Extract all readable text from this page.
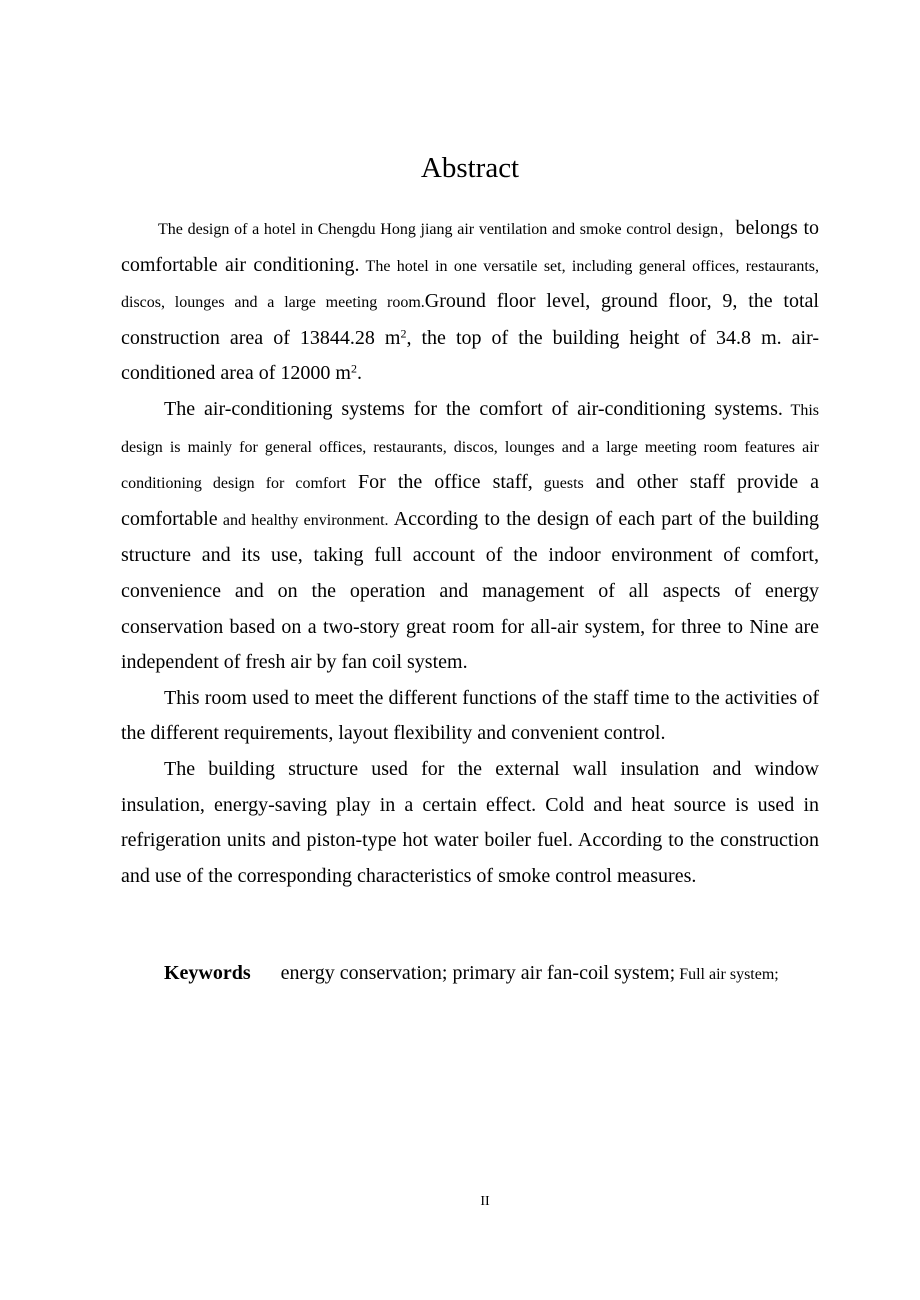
Abstract

The design of a hotel in Chengdu Hong jiang air ventilation and smoke control design，belongs to comfortable air conditioning. The hotel in one versatile set, including general offices, restaurants, discos, lounges and a large meeting room.Ground floor level, ground floor, 9, the total construction area of 13844.28 $m^2$, the top of the building height of 34.8 m. air-conditioned area of 12000 $m^2$.

The air-conditioning systems for the comfort of air-conditioning systems. This design is mainly for general offices, restaurants, discos, lounges and a large meeting room features air conditioning design for comfort For the office staff, guests and other staff provide a comfortable and healthy environment. According to the design of each part of the building structure and its use, taking full account of the indoor environment of comfort, convenience and on the operation and management of all aspects of energy conservation based on a two-story great room for all-air system, for three to Nine are independent of fresh air by fan coil system.

This room used to meet the different functions of the staff time to the activities of the different requirements, layout flexibility and convenient control.

The building structure used for the external wall insulation and window insulation, energy-saving play in a certain effect. Cold and heat source is used in refrigeration units and piston-type hot water boiler fuel. According to the construction and use of the corresponding characteristics of smoke control measures.

Keywords energy conservation; primary air fan-coil system; Full air system;
II
